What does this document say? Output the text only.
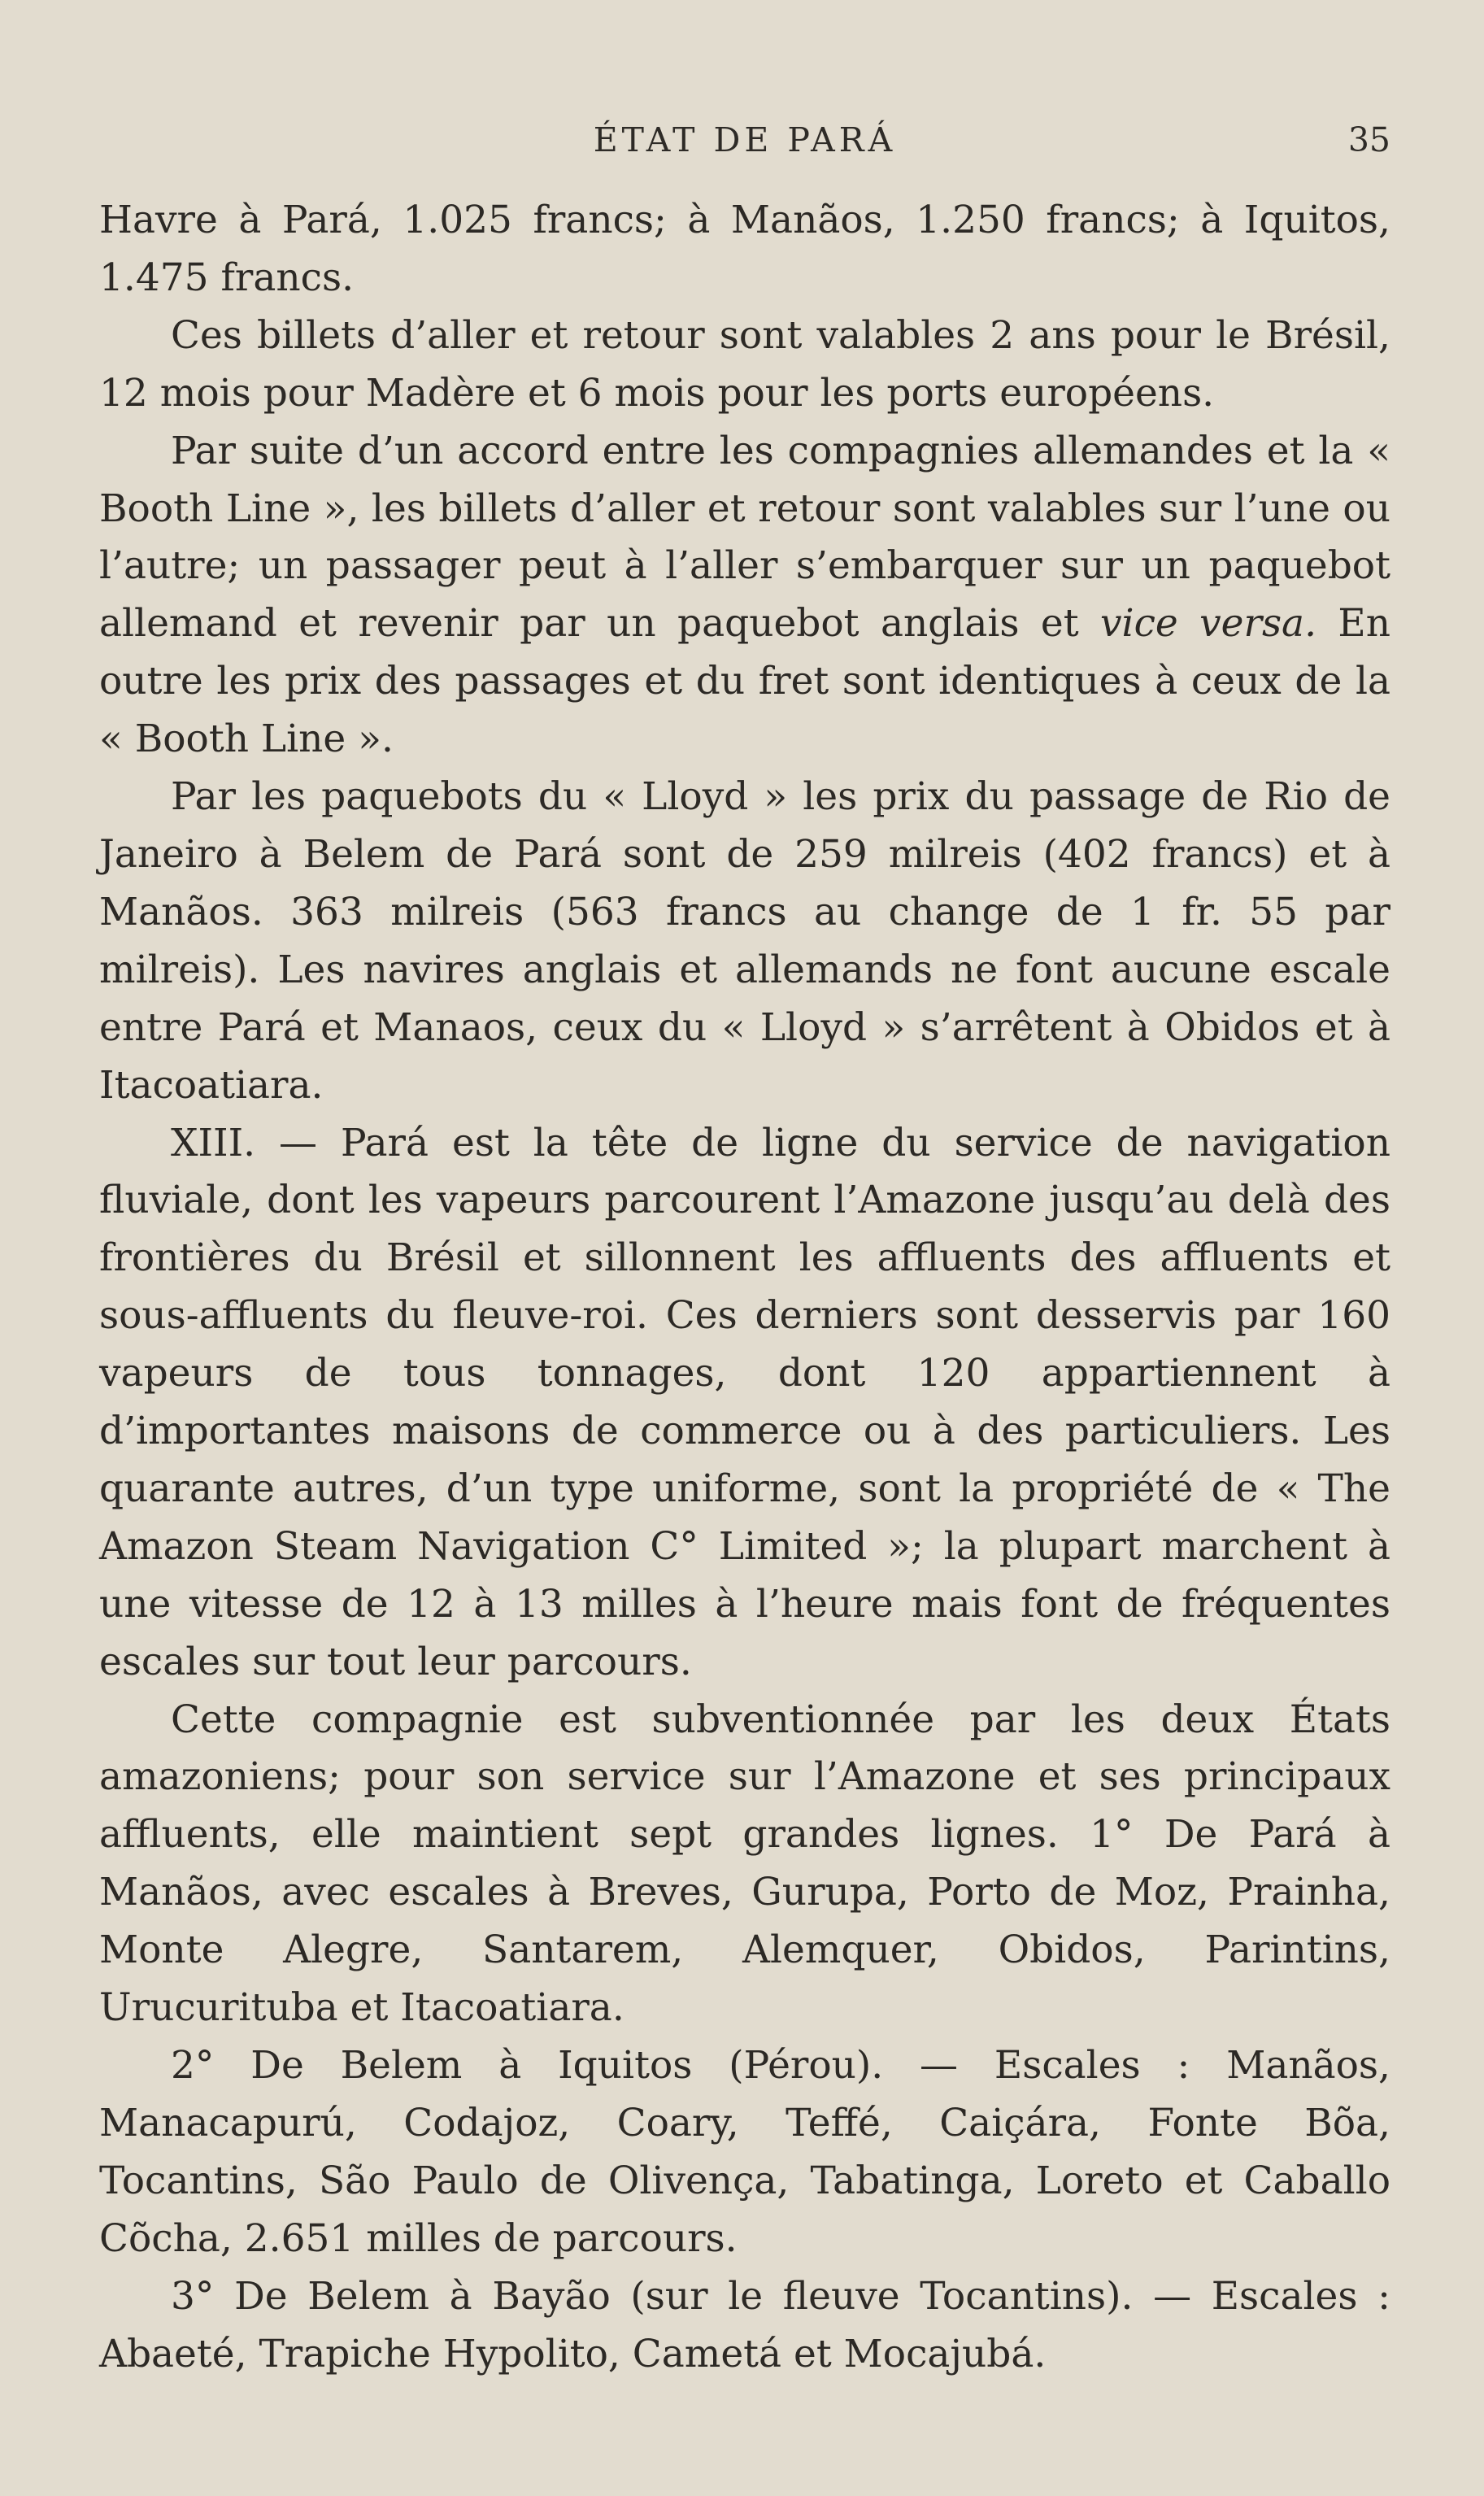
ÉTAT DE PARÁ	35

Havre à Pará, 1.025 francs; à Manãos, 1.250 francs; à Iquitos, 1.475 francs.

Ces billets d’aller et retour sont valables 2 ans pour le Brésil, 12 mois pour Madère et 6 mois pour les ports européens.

Par suite d’un accord entre les compagnies allemandes et la « Booth Line », les billets d’aller et retour sont valables sur l’une ou l’autre; un passager peut à l’aller s’embarquer sur un paquebot allemand et revenir par un paquebot anglais et vice versa. En outre les prix des passages et du fret sont identiques à ceux de la « Booth Line ».

Par les paquebots du « Lloyd » les prix du passage de Rio de Janeiro à Belem de Pará sont de 259 milreis (402 francs) et à Manãos. 363 milreis (563 francs au change de 1 fr. 55 par milreis). Les navires anglais et allemands ne font aucune escale entre Pará et Manaos, ceux du « Lloyd » s’arrêtent à Obidos et à Itacoatiara.

XIII. — Pará est la tête de ligne du service de navigation fluviale, dont les vapeurs parcourent l’Amazone jusqu’au delà des frontières du Brésil et sillonnent les affluents des affluents et sous-affluents du fleuve-roi. Ces derniers sont desservis par 160 vapeurs de tous tonnages, dont 120 appartiennent à d’importantes maisons de commerce ou à des particuliers. Les quarante autres, d’un type uniforme, sont la propriété de « The Amazon Steam Navigation C° Limited »; la plupart marchent à une vitesse de 12 à 13 milles à l’heure mais font de fréquentes escales sur tout leur parcours.

Cette compagnie est subventionnée par les deux États amazoniens; pour son service sur l’Amazone et ses principaux affluents, elle maintient sept grandes lignes. 1° De Pará à Manãos, avec escales à Breves, Gurupa, Porto de Moz, Prainha, Monte Alegre, Santarem, Alemquer, Obidos, Parintins, Urucurituba et Itacoatiara.

2° De Belem à Iquitos (Pérou). — Escales : Manãos, Manacapurú, Codajoz, Coary, Teffé, Caiçára, Fonte Bõa, Tocantins, São Paulo de Olivença, Tabatinga, Loreto et Caballo Cõcha, 2.651 milles de parcours.

3° De Belem à Bayão (sur le fleuve Tocantins). — Escales : Abaeté, Trapiche Hypolito, Cametá et Mocajubá.
